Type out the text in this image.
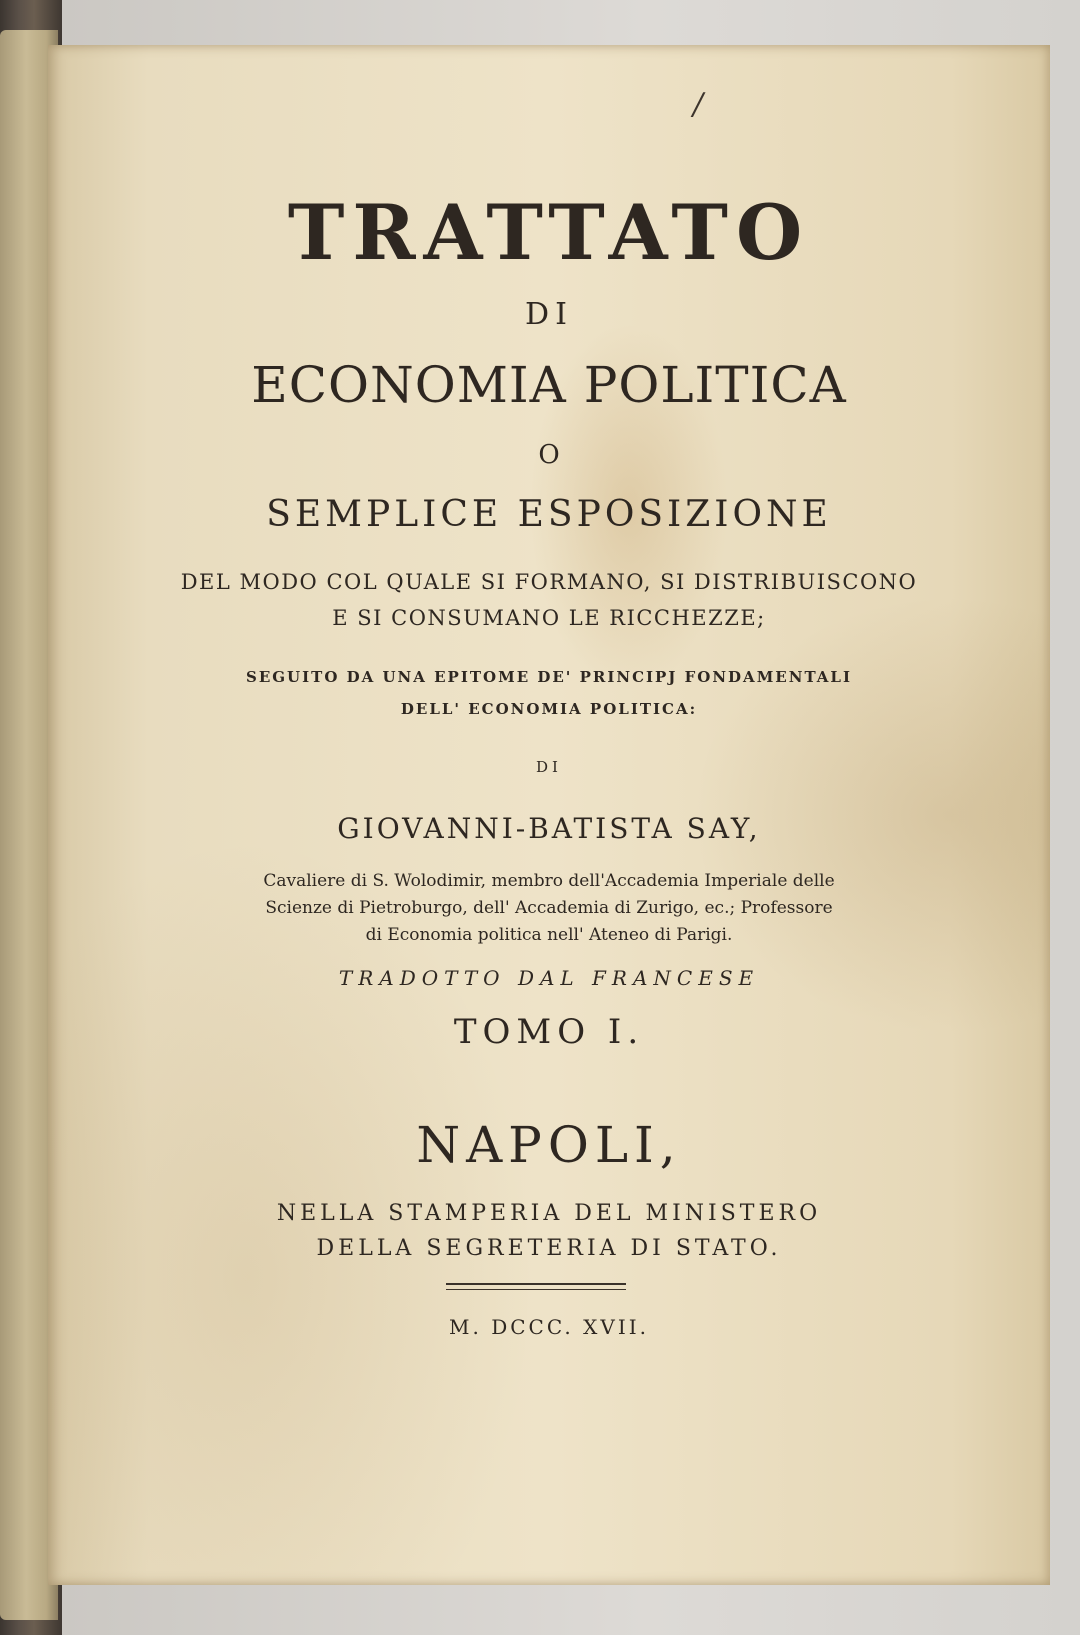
/
TRATTATO
DI
ECONOMIA POLITICA
O
SEMPLICE ESPOSIZIONE
DEL MODO COL QUALE SI FORMANO, SI DISTRIBUISCONO
E SI CONSUMANO LE RICCHEZZE;
SEGUITO DA UNA EPITOME DE' PRINCIPJ FONDAMENTALI
DELL' ECONOMIA POLITICA:
DI
GIOVANNI-BATISTA SAY,
Cavaliere di S. Wolodimir, membro dell'Accademia Imperiale delle
Scienze di Pietroburgo, dell' Accademia di Zurigo, ec.; Professore
di Economia politica nell' Ateneo di Parigi.
TRADOTTO DAL FRANCESE
TOMO I.
NAPOLI,
NELLA STAMPERIA DEL MINISTERO
DELLA SEGRETERIA DI STATO.
M. DCCC. XVII.
